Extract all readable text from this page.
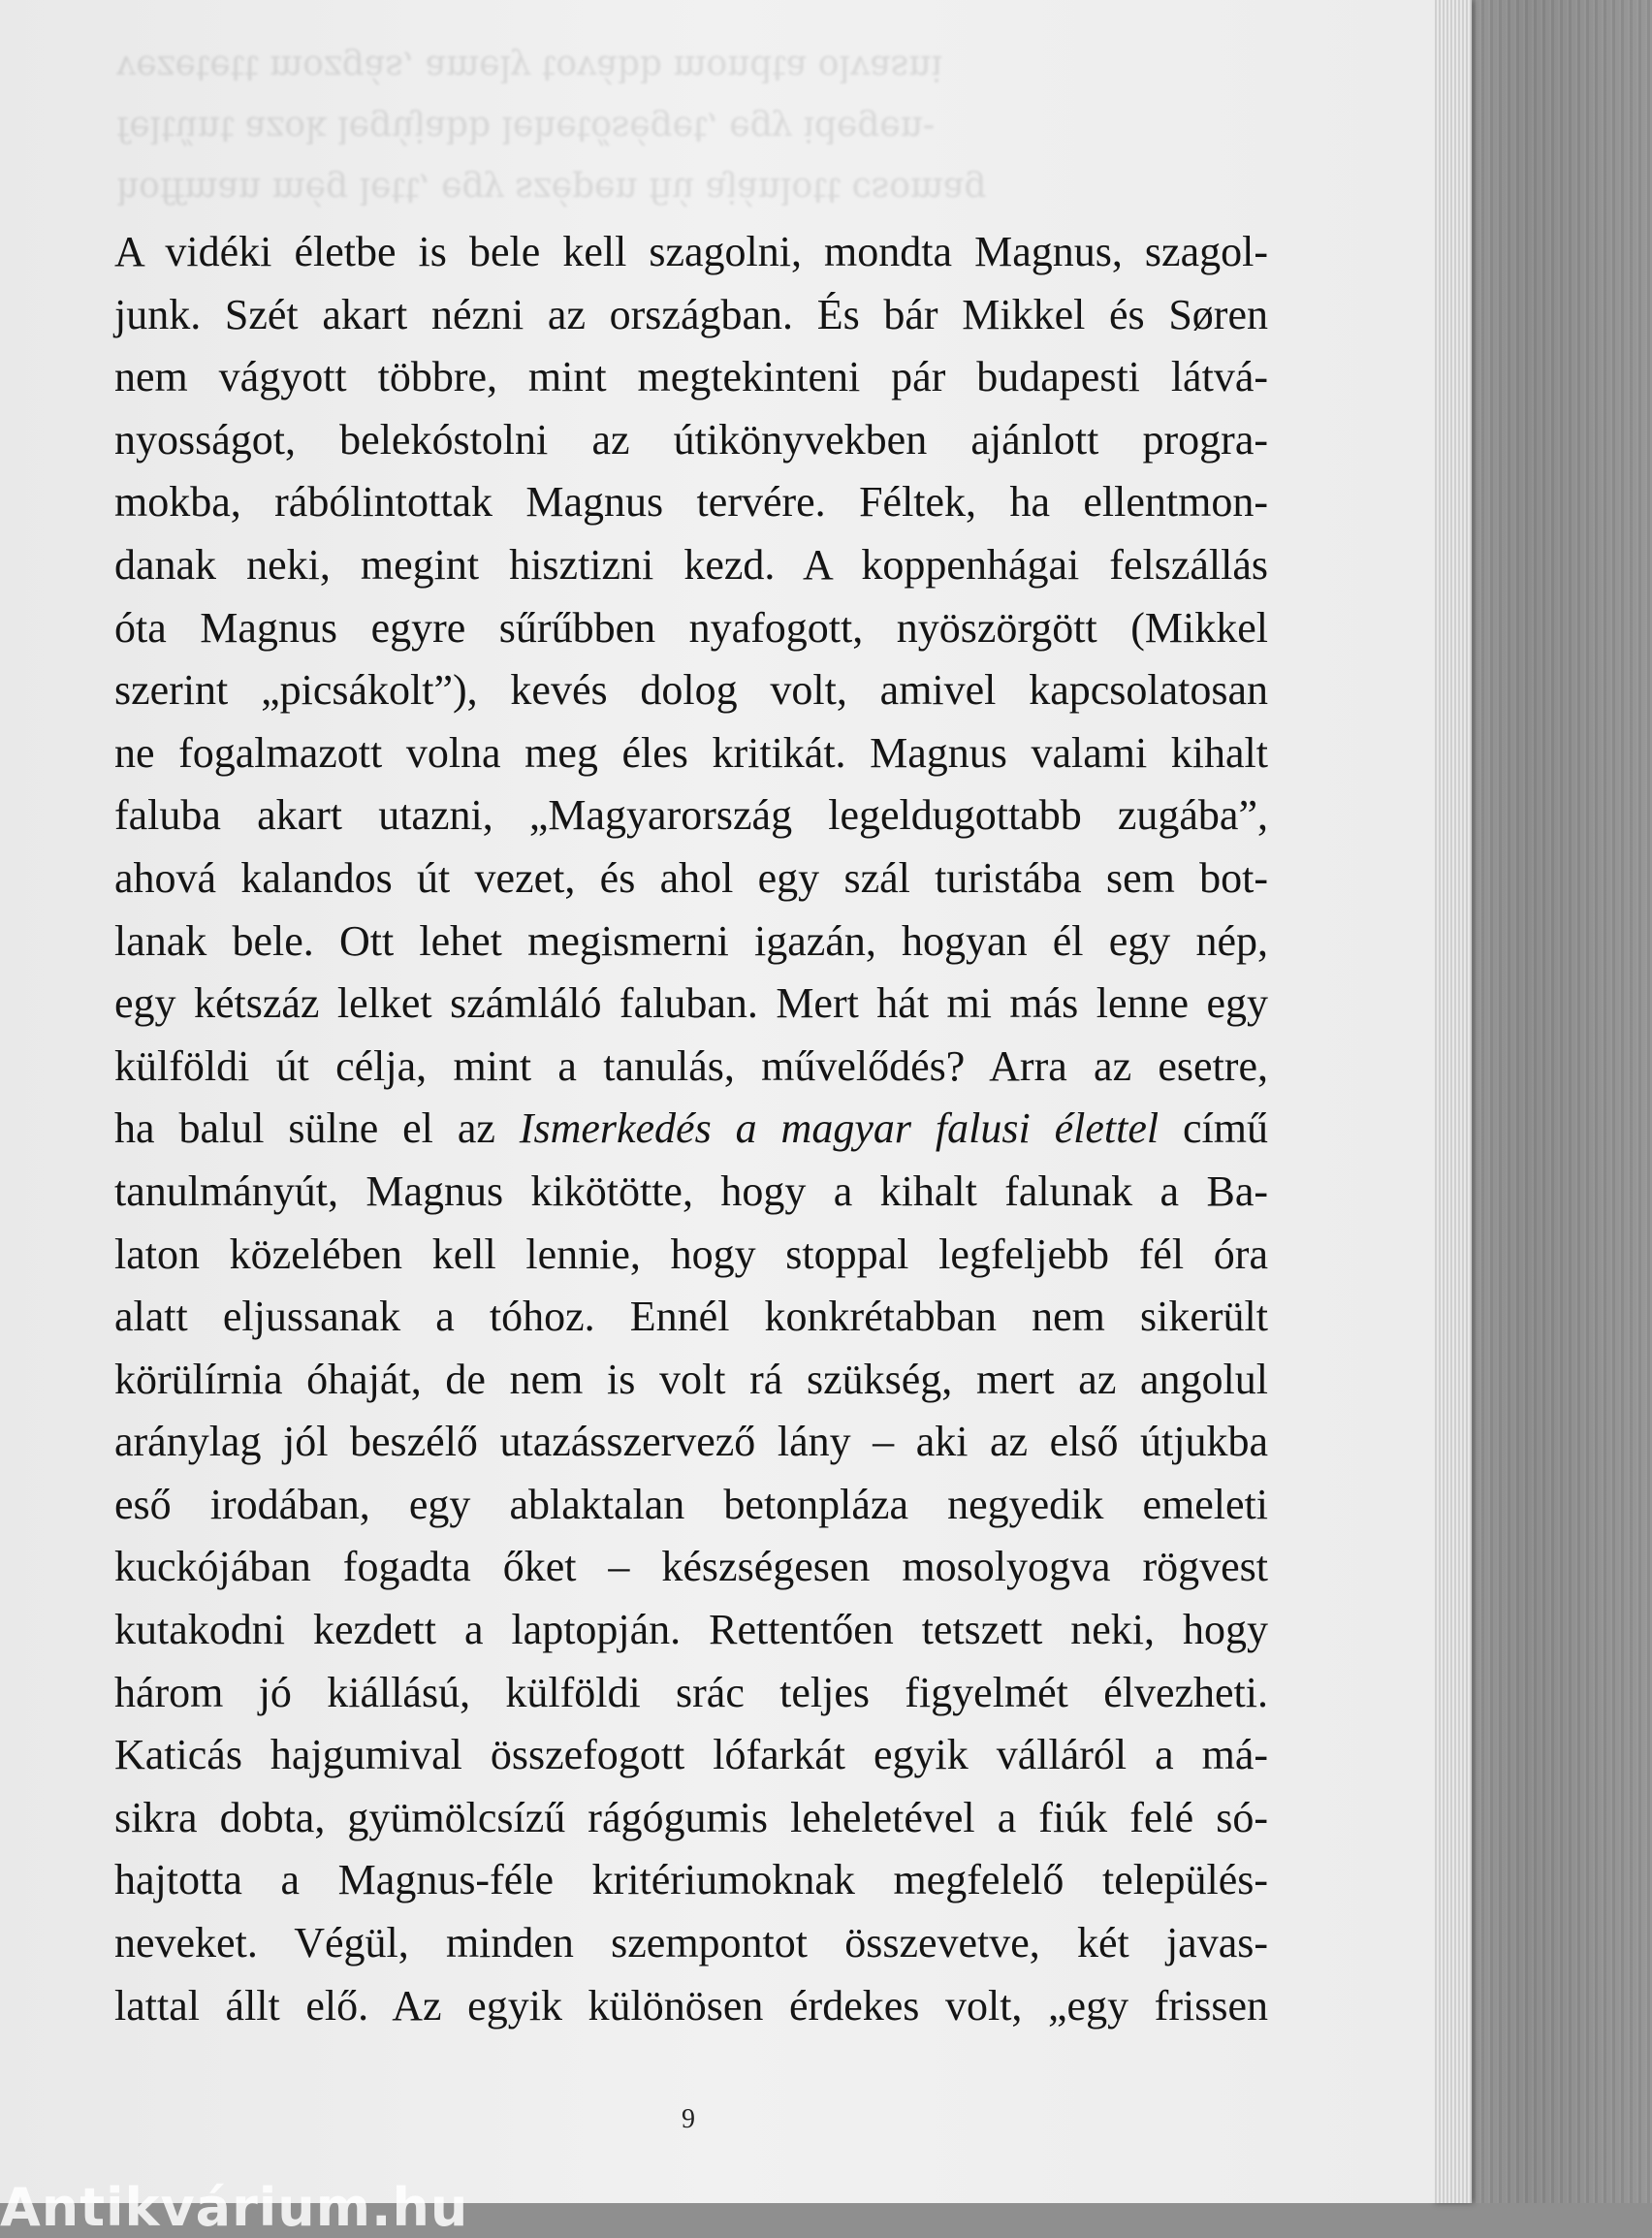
hoffman még lett, egy szépen fiú ajánlott csomag
feltűnt azok legújabb lehetőséget, egy idegen-
vezetett mozgás, amely tovább mondta olvasni
A vidéki életbe is bele kell szagolni, mondta Magnus, szagol-
junk. Szét akart nézni az országban. És bár Mikkel és Søren
nem vágyott többre, mint megtekinteni pár budapesti látvá-
nyosságot, belekóstolni az útikönyvekben ajánlott progra-
mokba, rábólintottak Magnus tervére. Féltek, ha ellentmon-
danak neki, megint hisztizni kezd. A koppenhágai felszállás
óta Magnus egyre sűrűbben nyafogott, nyöszörgött (Mikkel
szerint „picsákolt”), kevés dolog volt, amivel kapcsolatosan
ne fogalmazott volna meg éles kritikát. Magnus valami kihalt
faluba akart utazni, „Magyarország legeldugottabb zugába”,
ahová kalandos út vezet, és ahol egy szál turistába sem bot-
lanak bele. Ott lehet megismerni igazán, hogyan él egy nép,
egy kétszáz lelket számláló faluban. Mert hát mi más lenne egy
külföldi út célja, mint a tanulás, művelődés? Arra az esetre,
ha balul sülne el az Ismerkedés a magyar falusi élettel című
tanulmányút, Magnus kikötötte, hogy a kihalt falunak a Ba-
laton közelében kell lennie, hogy stoppal legfeljebb fél óra
alatt eljussanak a tóhoz. Ennél konkrétabban nem sikerült
körülírnia óhaját, de nem is volt rá szükség, mert az angolul
aránylag jól beszélő utazásszervező lány – aki az első útjukba
eső irodában, egy ablaktalan betonpláza negyedik emeleti
kuckójában fogadta őket – készségesen mosolyogva rögvest
kutakodni kezdett a laptopján. Rettentően tetszett neki, hogy
három jó kiállású, külföldi srác teljes figyelmét élvezheti.
Katicás hajgumival összefogott lófarkát egyik válláról a má-
sikra dobta, gyümölcsízű rágógumis leheletével a fiúk felé só-
hajtotta a Magnus-féle kritériumoknak megfelelő település-
neveket. Végül, minden szempontot összevetve, két javas-
lattal állt elő. Az egyik különösen érdekes volt, „egy frissen
9
Antikvárium.hu
